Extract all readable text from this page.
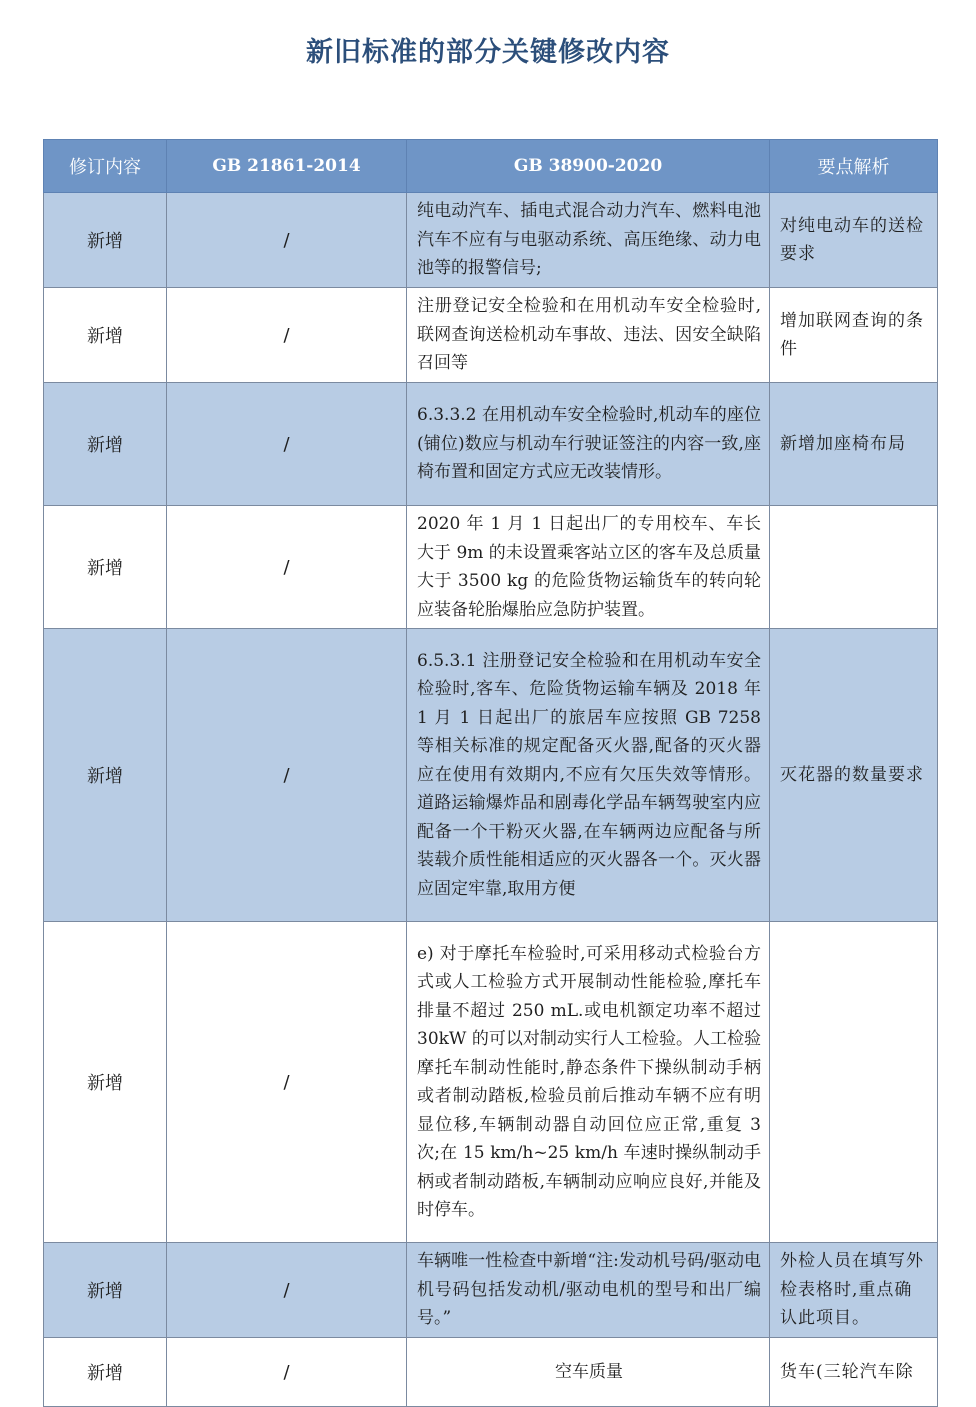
新旧标准的部分关键修改内容
修订内容	GB 21861-2014	GB 38900-2020	要点解析
新增	/	纯电动汽车、插电式混合动力汽车、燃料电池汽车不应有与电驱动系统、高压绝缘、动力电池等的报警信号;	对纯电动车的送检要求
新增	/	注册登记安全检验和在用机动车安全检验时,联网查询送检机动车事故、违法、因安全缺陷召回等	增加联网查询的条件
新增	/	6.3.3.2 在用机动车安全检验时,机动车的座位(铺位)数应与机动车行驶证签注的内容一致,座椅布置和固定方式应无改装情形。	新增加座椅布局
新增	/	2020 年 1 月 1 日起出厂的专用校车、车长大于 9m 的未设置乘客站立区的客车及总质量大于 3500 kg 的危险货物运输货车的转向轮应装备轮胎爆胎应急防护装置。	
新增	/	6.5.3.1 注册登记安全检验和在用机动车安全检验时,客车、危险货物运输车辆及 2018 年 1 月 1 日起出厂的旅居车应按照 GB 7258 等相关标准的规定配备灭火器,配备的灭火器应在使用有效期内,不应有欠压失效等情形。道路运输爆炸品和剧毒化学品车辆驾驶室内应配备一个干粉灭火器,在车辆两边应配备与所装载介质性能相适应的灭火器各一个。灭火器应固定牢靠,取用方便	灭花器的数量要求
新增	/	e) 对于摩托车检验时,可采用移动式检验台方式或人工检验方式开展制动性能检验,摩托车排量不超过 250 mL.或电机额定功率不超过 30kW 的可以对制动实行人工检验。人工检验摩托车制动性能时,静态条件下操纵制动手柄或者制动踏板,检验员前后推动车辆不应有明显位移,车辆制动器自动回位应正常,重复 3 次;在 15 km/h~25 km/h 车速时操纵制动手柄或者制动踏板,车辆制动应响应良好,并能及时停车。	
新增	/	车辆唯一性检查中新增“注:发动机号码/驱动电机号码包括发动机/驱动电机的型号和出厂编号。”	外检人员在填写外检表格时,重点确认此项目。
新增	/	空车质量	货车(三轮汽车除
